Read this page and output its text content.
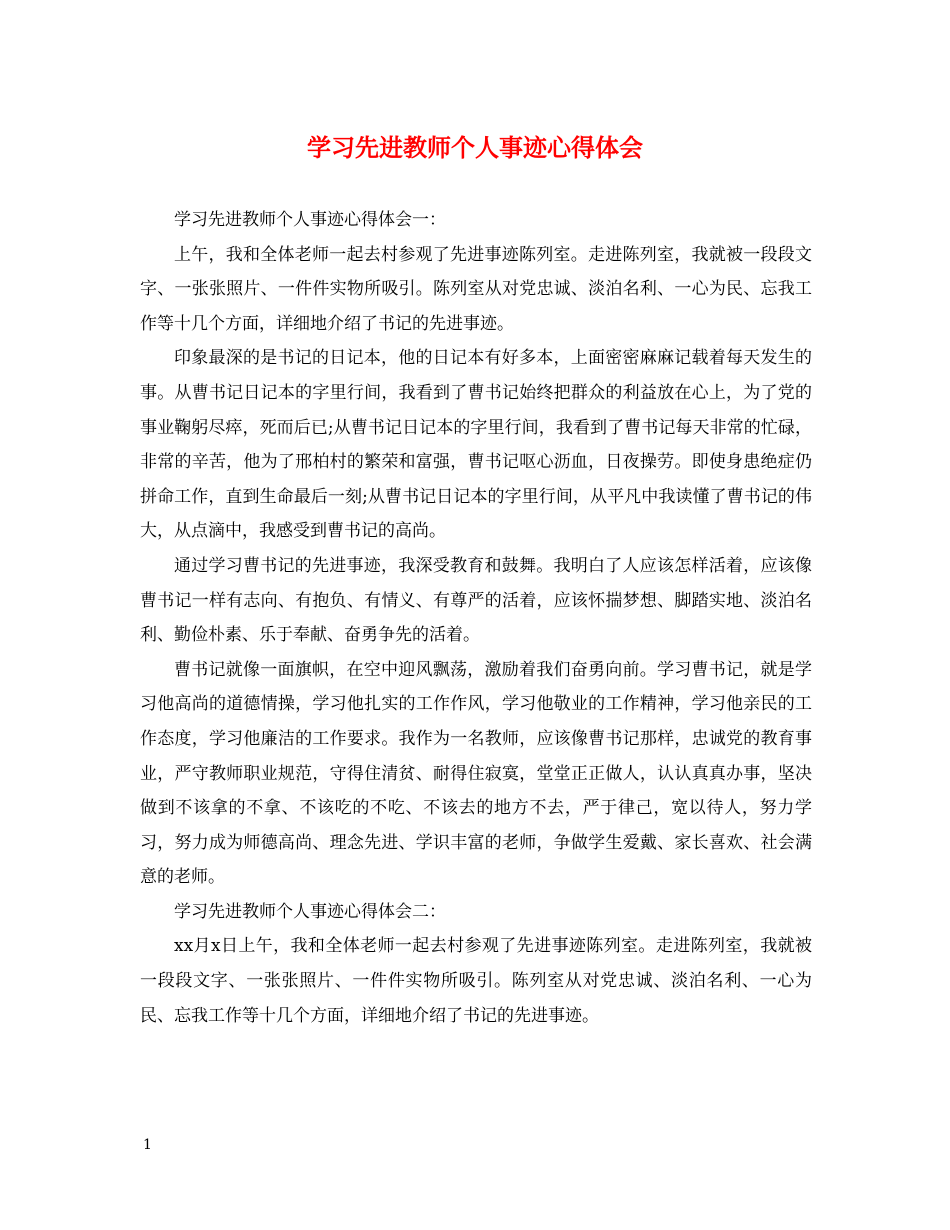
学习先进教师个人事迹心得体会

学习先进教师个人事迹心得体会一：

上午，我和全体老师一起去村参观了先进事迹陈列室。走进陈列室，我就被一段段文字、一张张照片、一件件实物所吸引。陈列室从对党忠诚、淡泊名利、一心为民、忘我工作等十几个方面，详细地介绍了书记的先进事迹。

印象最深的是书记的日记本，他的日记本有好多本，上面密密麻麻记载着每天发生的事。从曹书记日记本的字里行间，我看到了曹书记始终把群众的利益放在心上，为了党的事业鞠躬尽瘁，死而后已;从曹书记日记本的字里行间，我看到了曹书记每天非常的忙碌，非常的辛苦，他为了邢柏村的繁荣和富强，曹书记呕心沥血，日夜操劳。即使身患绝症仍拼命工作，直到生命最后一刻;从曹书记日记本的字里行间，从平凡中我读懂了曹书记的伟大，从点滴中，我感受到曹书记的高尚。

通过学习曹书记的先进事迹，我深受教育和鼓舞。我明白了人应该怎样活着，应该像曹书记一样有志向、有抱负、有情义、有尊严的活着，应该怀揣梦想、脚踏实地、淡泊名利、勤俭朴素、乐于奉献、奋勇争先的活着。

曹书记就像一面旗帜，在空中迎风飘荡，激励着我们奋勇向前。学习曹书记，就是学习他高尚的道德情操，学习他扎实的工作作风，学习他敬业的工作精神，学习他亲民的工作态度，学习他廉洁的工作要求。我作为一名教师，应该像曹书记那样，忠诚党的教育事业，严守教师职业规范，守得住清贫、耐得住寂寞，堂堂正正做人，认认真真办事，坚决做到不该拿的不拿、不该吃的不吃、不该去的地方不去，严于律己，宽以待人，努力学习，努力成为师德高尚、理念先进、学识丰富的老师，争做学生爱戴、家长喜欢、社会满意的老师。

学习先进教师个人事迹心得体会二：

xx月x日上午，我和全体老师一起去村参观了先进事迹陈列室。走进陈列室，我就被一段段文字、一张张照片、一件件实物所吸引。陈列室从对党忠诚、淡泊名利、一心为民、忘我工作等十几个方面，详细地介绍了书记的先进事迹。

1
